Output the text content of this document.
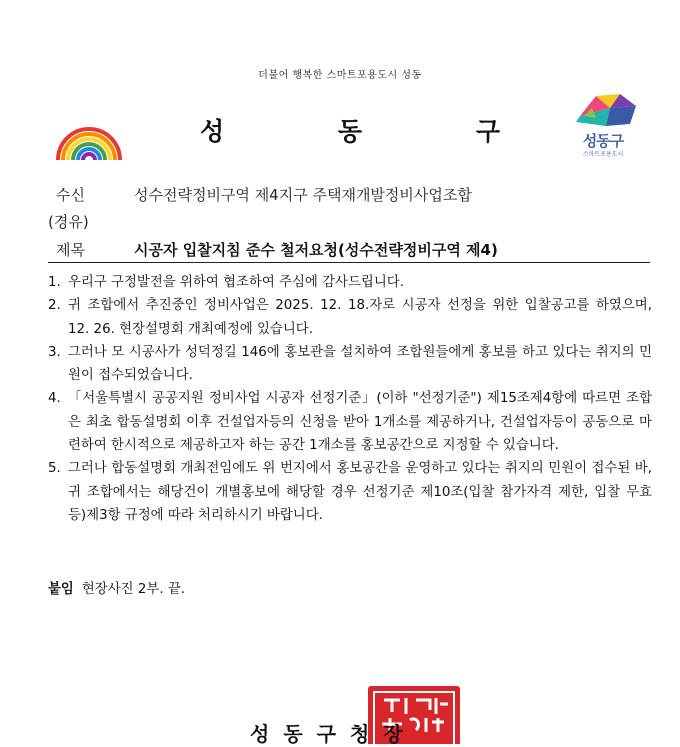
더불어 행복한 스마트포용도시 성동
성	동	구	성동구
스마트포용도시
수신	성수전략정비구역 제4지구 주택재개발정비사업조합
(경유)
제목	시공자 입찰지침 준수 철저요청(성수전략정비구역 제4)
1. 우리구 구정발전을 위하여 협조하여 주심에 감사드립니다.
2. 귀 조합에서 추진중인 정비사업은 2025. 12. 18.자로 시공자 선정을 위한 입찰공고를 하였으며, 12. 26. 현장설명회 개최예정에 있습니다.
3. 그러나 모 시공사가 성덕정길 146에 홍보관을 설치하여 조합원들에게 홍보를 하고 있다는 취지의 민원이 접수되었습니다.
4. 「서울특별시 공공지원 정비사업 시공자 선정기준」(이하 "선정기준") 제15조제4항에 따르면 조합은 최초 합동설명회 이후 건설업자등의 신청을 받아 1개소를 제공하거나, 건설업자등이 공동으로 마련하여 한시적으로 제공하고자 하는 공간 1개소를 홍보공간으로 지정할 수 있습니다.
5. 그러나 합동설명회 개최전임에도 위 번지에서 홍보공간을 운영하고 있다는 취지의 민원이 접수된 바, 귀 조합에서는 해당건이 개별홍보에 해당할 경우 선정기준 제10조(입찰 참가자격 제한, 입찰 무효 등)제3항 규정에 따라 처리하시기 바랍니다.
붙임 현장사진 2부. 끝.
성동구청장
